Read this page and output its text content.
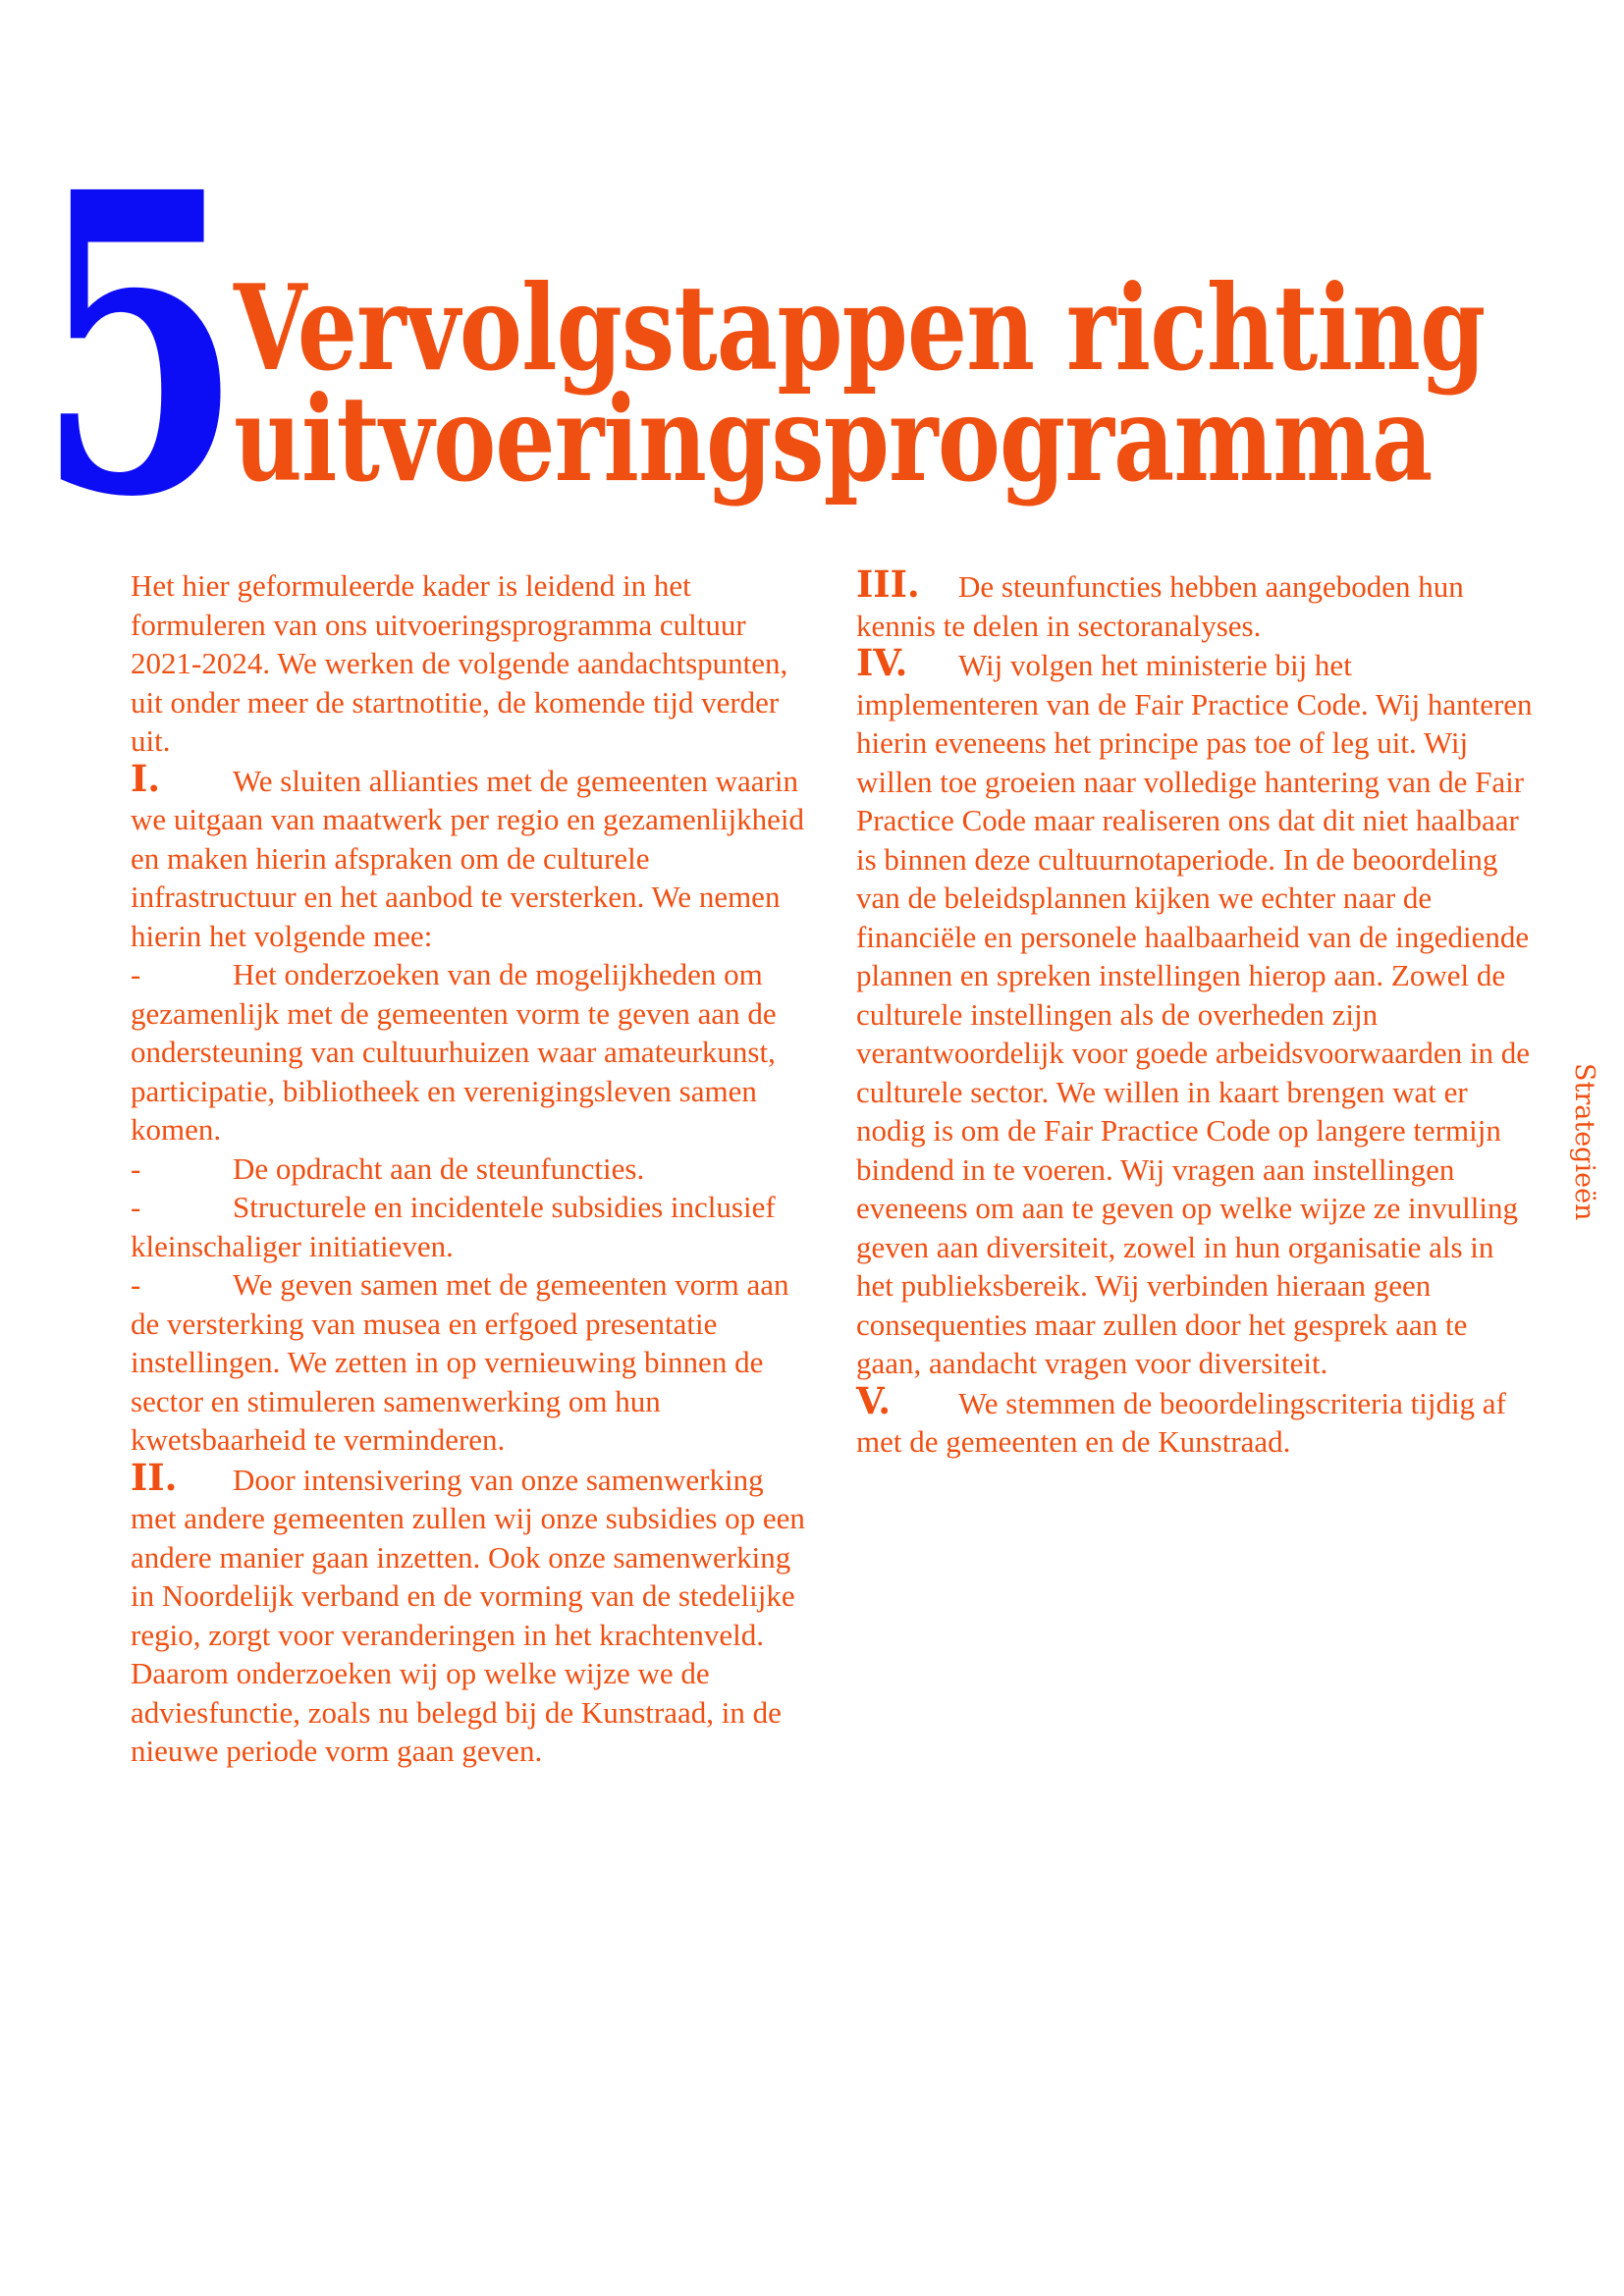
5
Vervolgstappen richting
uitvoeringsprogramma

Het hier geformuleerde kader is leidend in het formuleren van ons uitvoeringsprogramma cultuur 2021-2024. We werken de volgende aandachtspunten, uit onder meer de startnotitie, de komende tijd verder uit.

I. We sluiten allianties met de gemeenten waarin we uitgaan van maatwerk per regio en gezamenlijkheid en maken hierin afspraken om de culturele infrastructuur en het aanbod te versterken. We nemen hierin het volgende mee:

-	Het onderzoeken van de mogelijkheden om gezamenlijk met de gemeenten vorm te geven aan de ondersteuning van cultuurhuizen waar amateurkunst, participatie, bibliotheek en verenigingsleven samen komen.

-	De opdracht aan de steunfuncties.

-	Structurele en incidentele subsidies inclusief kleinschaliger initiatieven.

-	We geven samen met de gemeenten vorm aan de versterking van musea en erfgoed presentatie instellingen. We zetten in op vernieuwing binnen de sector en stimuleren samenwerking om hun kwetsbaarheid te verminderen.

II. Door intensivering van onze samenwerking met andere gemeenten zullen wij onze subsidies op een andere manier gaan inzetten. Ook onze samenwerking in Noordelijk verband en de vorming van de stedelijke regio, zorgt voor veranderingen in het krachtenveld. Daarom onderzoeken wij op welke wijze we de adviesfunctie, zoals nu belegd bij de Kunstraad, in de nieuwe periode vorm gaan geven.

III. De steunfuncties hebben aangeboden hun kennis te delen in sectoranalyses.

IV. Wij volgen het ministerie bij het implementeren van de Fair Practice Code. Wij hanteren hierin eveneens het principe pas toe of leg uit. Wij willen toe groeien naar volledige hantering van de Fair Practice Code maar realiseren ons dat dit niet haalbaar is binnen deze cultuurnotaperiode. In de beoordeling van de beleidsplannen kijken we echter naar de financiële en personele haalbaarheid van de ingediende plannen en spreken instellingen hierop aan. Zowel de culturele instellingen als de overheden zijn verantwoordelijk voor goede arbeidsvoorwaarden in de culturele sector. We willen in kaart brengen wat er nodig is om de Fair Practice Code op langere termijn bindend in te voeren. Wij vragen aan instellingen eveneens om aan te geven op welke wijze ze invulling geven aan diversiteit, zowel in hun organisatie als in het publieksbereik. Wij verbinden hieraan geen consequenties maar zullen door het gesprek aan te gaan, aandacht vragen voor diversiteit.

V. We stemmen de beoordelingscriteria tijdig af met de gemeenten en de Kunstraad.

Strategieën
